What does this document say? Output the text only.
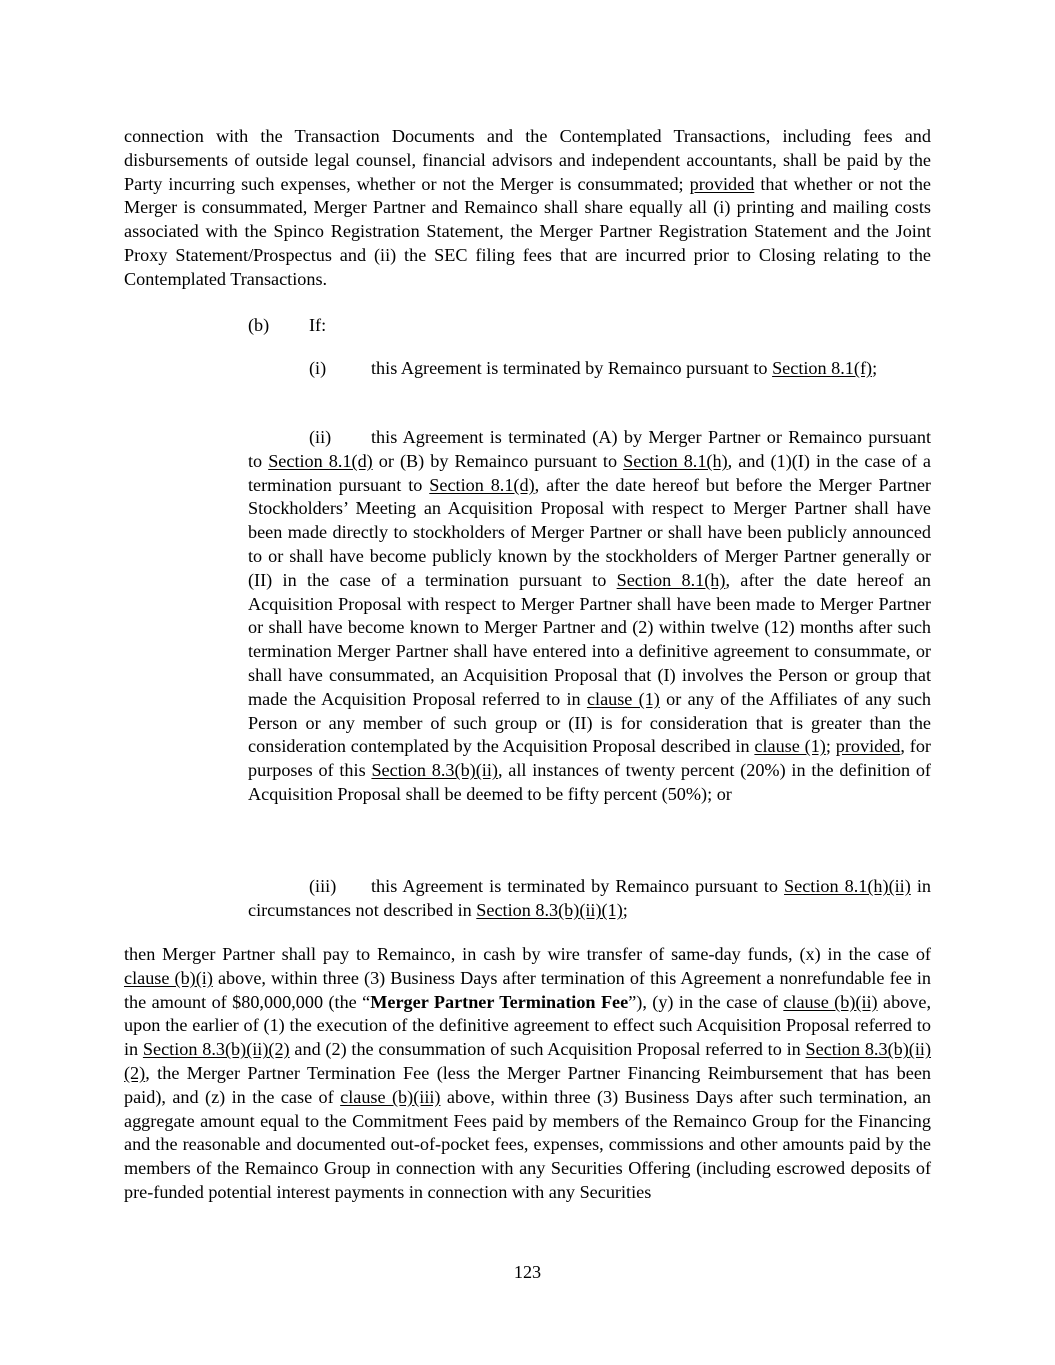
connection with the Transaction Documents and the Contemplated Transactions, including fees and disbursements of outside legal counsel, financial advisors and independent accountants, shall be paid by the Party incurring such expenses, whether or not the Merger is consummated; provided that whether or not the Merger is consummated, Merger Partner and Remainco shall share equally all (i) printing and mailing costs associated with the Spinco Registration Statement, the Merger Partner Registration Statement and the Joint Proxy Statement/Prospectus and (ii) the SEC filing fees that are incurred prior to Closing relating to the Contemplated Transactions.

(b) If:

(i) this Agreement is terminated by Remainco pursuant to Section 8.1(f);

(ii) this Agreement is terminated (A) by Merger Partner or Remainco pursuant to Section 8.1(d) or (B) by Remainco pursuant to Section 8.1(h), and (1)(I) in the case of a termination pursuant to Section 8.1(d), after the date hereof but before the Merger Partner Stockholders’ Meeting an Acquisition Proposal with respect to Merger Partner shall have been made directly to stockholders of Merger Partner or shall have been publicly announced to or shall have become publicly known by the stockholders of Merger Partner generally or (II) in the case of a termination pursuant to Section 8.1(h), after the date hereof an Acquisition Proposal with respect to Merger Partner shall have been made to Merger Partner or shall have become known to Merger Partner and (2) within twelve (12) months after such termination Merger Partner shall have entered into a definitive agreement to consummate, or shall have consummated, an Acquisition Proposal that (I) involves the Person or group that made the Acquisition Proposal referred to in clause (1) or any of the Affiliates of any such Person or any member of such group or (II) is for consideration that is greater than the consideration contemplated by the Acquisition Proposal described in clause (1); provided, for purposes of this Section 8.3(b)(ii), all instances of twenty percent (20%) in the definition of Acquisition Proposal shall be deemed to be fifty percent (50%); or

(iii) this Agreement is terminated by Remainco pursuant to Section 8.1(h)(ii) in circumstances not described in Section 8.3(b)(ii)(1);

then Merger Partner shall pay to Remainco, in cash by wire transfer of same-day funds, (x) in the case of clause (b)(i) above, within three (3) Business Days after termination of this Agreement a nonrefundable fee in the amount of $80,000,000 (the “Merger Partner Termination Fee”), (y) in the case of clause (b)(ii) above, upon the earlier of (1) the execution of the definitive agreement to effect such Acquisition Proposal referred to in Section 8.3(b)(ii)(2) and (2) the consummation of such Acquisition Proposal referred to in Section 8.3(b)(ii)(2), the Merger Partner Termination Fee (less the Merger Partner Financing Reimbursement that has been paid), and (z) in the case of clause (b)(iii) above, within three (3) Business Days after such termination, an aggregate amount equal to the Commitment Fees paid by members of the Remainco Group for the Financing and the reasonable and documented out-of-pocket fees, expenses, commissions and other amounts paid by the members of the Remainco Group in connection with any Securities Offering (including escrowed deposits of pre-funded potential interest payments in connection with any Securities

123
